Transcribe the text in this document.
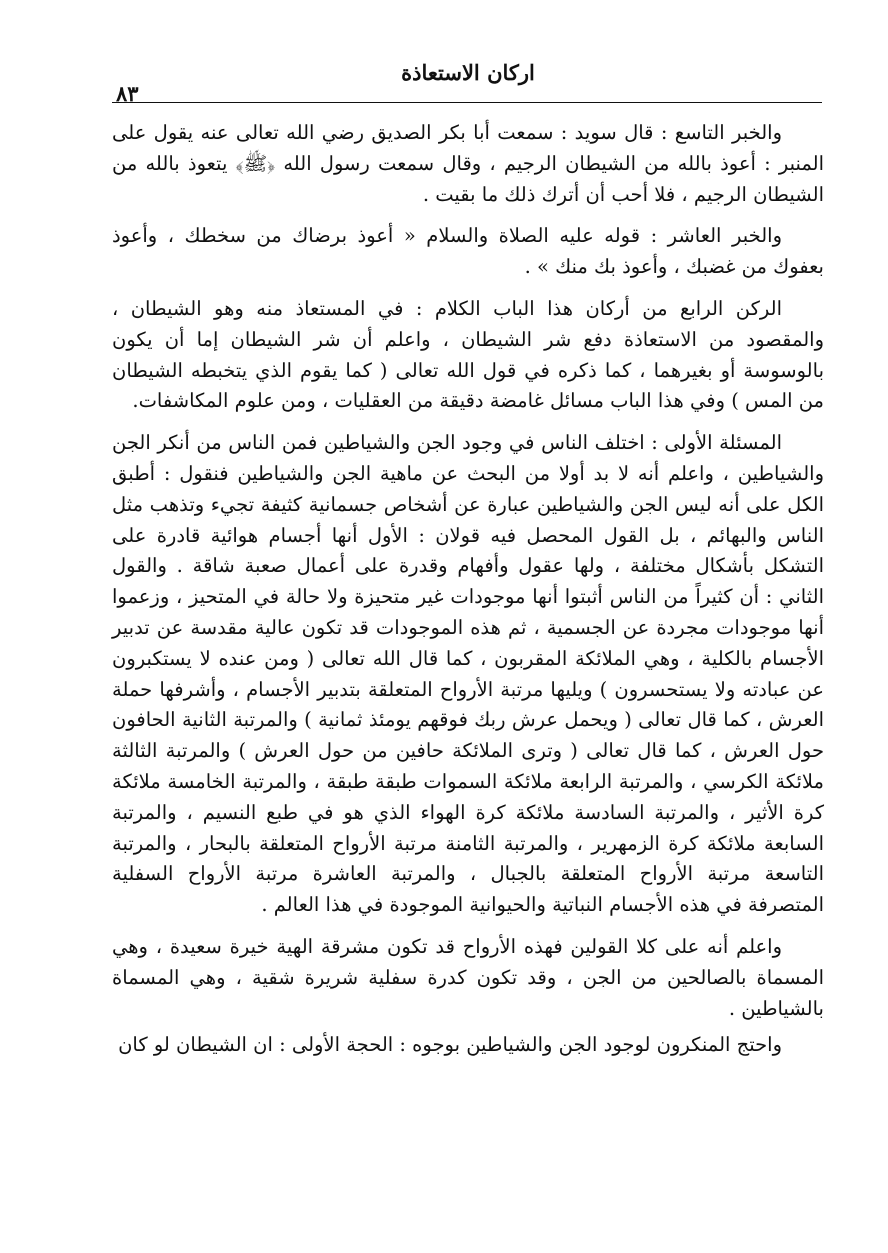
اركان الاستعاذة
٨٣

والخبر التاسع : قال سويد : سمعت أبا بكر الصديق رضي الله تعالى عنه يقول على المنبر : أعوذ بالله من الشيطان الرجيم ، وقال سمعت رسول الله ﴿ﷺ﴾ يتعوذ بالله من الشيطان الرجيم ، فلا أحب أن أترك ذلك ما بقيت .

والخبر العاشر : قوله عليه الصلاة والسلام « أعوذ برضاك من سخطك ، وأعوذ بعفوك من غضبك ، وأعوذ بك منك » .

الركن الرابع من أركان هذا الباب الكلام : في المستعاذ منه وهو الشيطان ، والمقصود من الاستعاذة دفع شر الشيطان ، واعلم أن شر الشيطان إما أن يكون بالوسوسة أو بغيرهما ، كما ذكره في قول الله تعالى ( كما يقوم الذي يتخبطه الشيطان من المس ) وفي هذا الباب مسائل غامضة دقيقة من العقليات ، ومن علوم المكاشفات.

المسئلة الأولى : اختلف الناس في وجود الجن والشياطين فمن الناس من أنكر الجن والشياطين ، واعلم أنه لا بد أولا من البحث عن ماهية الجن والشياطين فنقول : أطبق الكل على أنه ليس الجن والشياطين عبارة عن أشخاص جسمانية كثيفة تجيء وتذهب مثل الناس والبهائم ، بل القول المحصل فيه قولان : الأول أنها أجسام هوائية قادرة على التشكل بأشكال مختلفة ، ولها عقول وأفهام وقدرة على أعمال صعبة شاقة . والقول الثاني : أن كثيراً من الناس أثبتوا أنها موجودات غير متحيزة ولا حالة في المتحيز ، وزعموا أنها موجودات مجردة عن الجسمية ، ثم هذه الموجودات قد تكون عالية مقدسة عن تدبير الأجسام بالكلية ، وهي الملائكة المقربون ، كما قال الله تعالى ( ومن عنده لا يستكبرون عن عبادته ولا يستحسرون ) ويليها مرتبة الأرواح المتعلقة بتدبير الأجسام ، وأشرفها حملة العرش ، كما قال تعالى ( ويحمل عرش ربك فوقهم يومئذ ثمانية ) والمرتبة الثانية الحافون حول العرش ، كما قال تعالى ( وترى الملائكة حافين من حول العرش ) والمرتبة الثالثة ملائكة الكرسي ، والمرتبة الرابعة ملائكة السموات طبقة طبقة ، والمرتبة الخامسة ملائكة كرة الأثير ، والمرتبة السادسة ملائكة كرة الهواء الذي هو في طبع النسيم ، والمرتبة السابعة ملائكة كرة الزمهرير ، والمرتبة الثامنة مرتبة الأرواح المتعلقة بالبحار ، والمرتبة التاسعة مرتبة الأرواح المتعلقة بالجبال ، والمرتبة العاشرة مرتبة الأرواح السفلية المتصرفة في هذه الأجسام النباتية والحيوانية الموجودة في هذا العالم .

واعلم أنه على كلا القولين فهذه الأرواح قد تكون مشرقة الهية خيرة سعيدة ، وهي المسماة بالصالحين من الجن ، وقد تكون كدرة سفلية شريرة شقية ، وهي المسماة بالشياطين .

واحتج المنكرون لوجود الجن والشياطين بوجوه : الحجة الأولى : ان الشيطان لو كان
